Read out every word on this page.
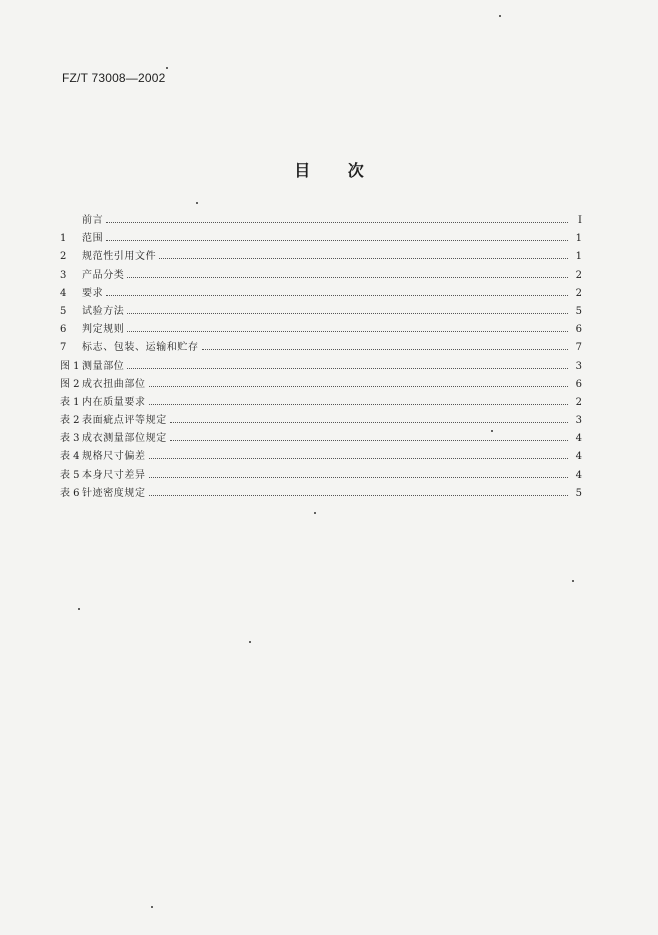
FZ/T 73008—2002
目 次
前言	I
1	范围	1
2	规范性引用文件	1
3	产品分类	2
4	要求	2
5	试验方法	5
6	判定规则	6
7	标志、包装、运输和贮存	7
图 1 测量部位	3
图 2 成衣扭曲部位	6
表 1 内在质量要求	2
表 2 表面疵点评等规定	3
表 3 成衣测量部位规定	4
表 4 规格尺寸偏差	4
表 5 本身尺寸差异	4
表 6 针迹密度规定	5
